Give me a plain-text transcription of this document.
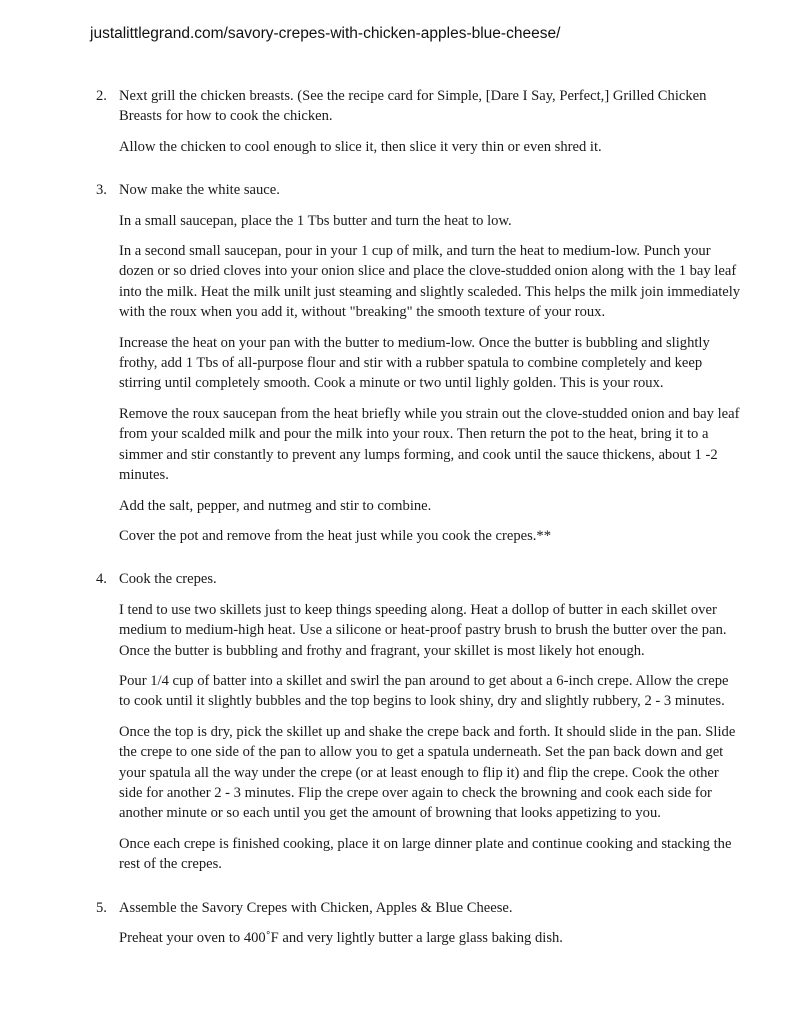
justalittlegrand.com/savory-crepes-with-chicken-apples-blue-cheese/
2. Next grill the chicken breasts. (See the recipe card for Simple, [Dare I Say, Perfect,] Grilled Chicken Breasts for how to cook the chicken.

Allow the chicken to cool enough to slice it, then slice it very thin or even shred it.

3. Now make the white sauce.

In a small saucepan, place the 1 Tbs butter and turn the heat to low.

In a second small saucepan, pour in your 1 cup of milk, and turn the heat to medium-low. Punch your dozen or so dried cloves into your onion slice and place the clove-studded onion along with the 1 bay leaf into the milk. Heat the milk unilt just steaming and slightly scaleded. This helps the milk join immediately with the roux when you add it, without "breaking" the smooth texture of your roux.

Increase the heat on your pan with the butter to medium-low. Once the butter is bubbling and slightly frothy, add 1 Tbs of all-purpose flour and stir with a rubber spatula to combine completely and keep stirring until completely smooth. Cook a minute or two until lighly golden. This is your roux.

Remove the roux saucepan from the heat briefly while you strain out the clove-studded onion and bay leaf from your scalded milk and pour the milk into your roux. Then return the pot to the heat, bring it to a simmer and stir constantly to prevent any lumps forming, and cook until the sauce thickens, about 1 -2 minutes.

Add the salt, pepper, and nutmeg and stir to combine.

Cover the pot and remove from the heat just while you cook the crepes.**

4. Cook the crepes.

I tend to use two skillets just to keep things speeding along. Heat a dollop of butter in each skillet over medium to medium-high heat. Use a silicone or heat-proof pastry brush to brush the butter over the pan. Once the butter is bubbling and frothy and fragrant, your skillet is most likely hot enough.

Pour 1/4 cup of batter into a skillet and swirl the pan around to get about a 6-inch crepe. Allow the crepe to cook until it slightly bubbles and the top begins to look shiny, dry and slightly rubbery, 2 - 3 minutes.

Once the top is dry, pick the skillet up and shake the crepe back and forth. It should slide in the pan. Slide the crepe to one side of the pan to allow you to get a spatula underneath. Set the pan back down and get your spatula all the way under the crepe (or at least enough to flip it) and flip the crepe. Cook the other side for another 2 - 3 minutes. Flip the crepe over again to check the browning and cook each side for another minute or so each until you get the amount of browning that looks appetizing to you.

Once each crepe is finished cooking, place it on large dinner plate and continue cooking and stacking the rest of the crepes.

5. Assemble the Savory Crepes with Chicken, Apples & Blue Cheese.

Preheat your oven to 400˚F and very lightly butter a large glass baking dish.
